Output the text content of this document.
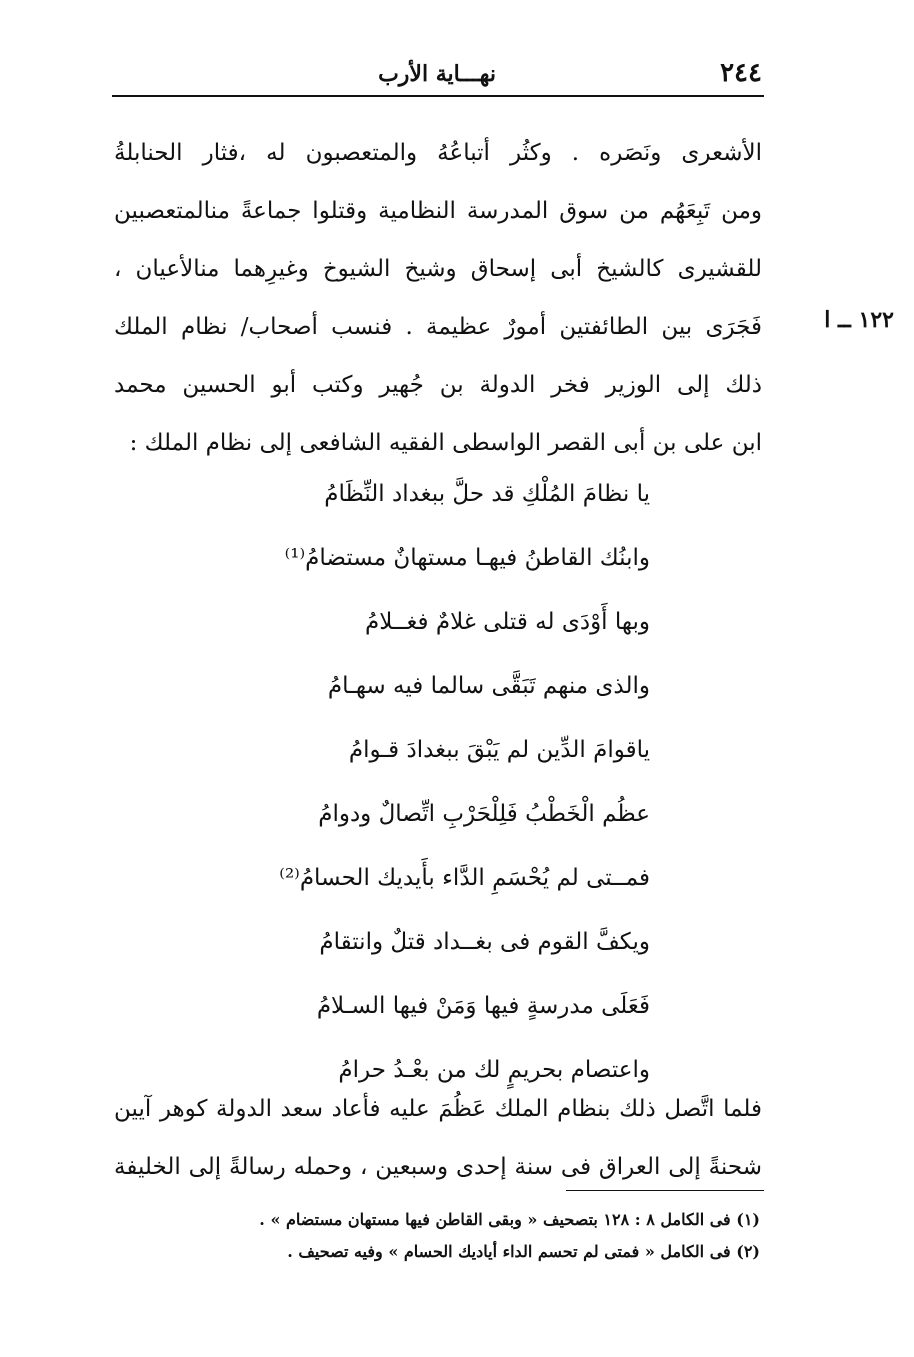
٢٤٤
نهـــاية الأرب
١٢٢ ــ ا
الأشعرى ونَصَره . وكثُر أتباعُهُ والمتعصبون له ،فثار الحنابلةُ
ومن تَبِعَهُم من سوق المدرسة النظامية وقتلوا جماعةً منالمتعصبين
للقشيرى كالشيخ أبى إسحاق وشيخ الشيوخ وغيرِهما منالأعيان ،
فَجَرَى بين الطائفتين أمورٌ عظيمة . فنسب أصحاب/ نظام الملك
ذلك إلى الوزير فخر الدولة بن جُهير وكتب أبو الحسين محمد
ابن على بن أبى القصر الواسطى الفقيه الشافعى إلى نظام الملك :
يا نظامَ المُلْكِ قد حلَّ ببغداد النِّظَامُ
وابنُك القاطنُ فيهـا مستهانٌ مستضامُ⁽¹⁾
وبها أَوْدَى له قتلى غلامٌ فغــلامُ
والذى منهم تَبَقَّى سالما فيه سهـامُ
ياقوامَ الدِّين لم يَبْقَ ببغدادَ قـوامُ
عظُم الْخَطْبُ فَلِلْحَرْبِ اتِّصالٌ ودوامُ
فمــتى لم يُحْسَمِ الدَّاء بأَيديك الحسامُ⁽²⁾
ويكفَّ القوم فى بغــداد قتلٌ وانتقامُ
فَعَلَى مدرسةٍ فيها وَمَنْ فيها السـلامُ
واعتصام بحريمٍ لك من بعْـدُ حرامُ
فلما اتَّصل ذلك بنظام الملك عَظُمَ عليه فأعاد سعد الدولة كوهر آيين
شحنةً إلى العراق فى سنة إحدى وسبعين ، وحمله رسالةً إلى الخليفة
(١) فى الكامل ٨ : ١٢٨ بتصحيف « وبقى القاطن فيها مستهان مستضام » .
(٢) فى الكامل « فمتى لم تحسم الداء أياديك الحسام » وفيه تصحيف .
